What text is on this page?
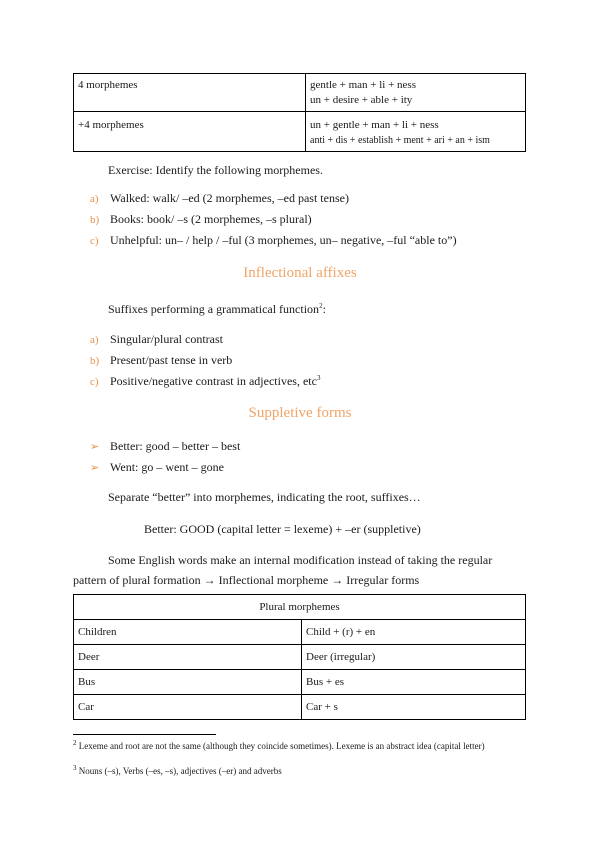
4 morphemes	gentle + man + li + ness
un + desire + able + ity

+4 morphemes	un + gentle + man + li + ness
anti + dis + establish + ment + ari + an + ism
Exercise: Identify the following morphemes.
a) Walked: walk/ –ed (2 morphemes, –ed past tense)
b) Books: book/ –s (2 morphemes, –s plural)
c) Unhelpful: un– / help / –ful (3 morphemes, un– negative, –ful “able to”)
Inflectional affixes
Suffixes performing a grammatical function$^2$:
a) Singular/plural contrast
b) Present/past tense in verb
c) Positive/negative contrast in adjectives, etc$^3$
Suppletive forms
➢ Better: good – better – best
➢ Went: go – went – gone
Separate “better” into morphemes, indicating the root, suffixes…
Better: GOOD (capital letter = lexeme) + –er (suppletive)
Some English words make an internal modification instead of taking the regular
pattern of plural formation → Inflectional morpheme → Irregular forms
Plural morphemes	
Children	Child + (r) + en
Deer	Deer (irregular)
Bus	Bus + es
Car	Car + s
$^2$ Lexeme and root are not the same (although they coincide sometimes). Lexeme is an abstract idea (capital letter)
$^3$ Nouns (–s), Verbs (–es, –s), adjectives (–er) and adverbs
